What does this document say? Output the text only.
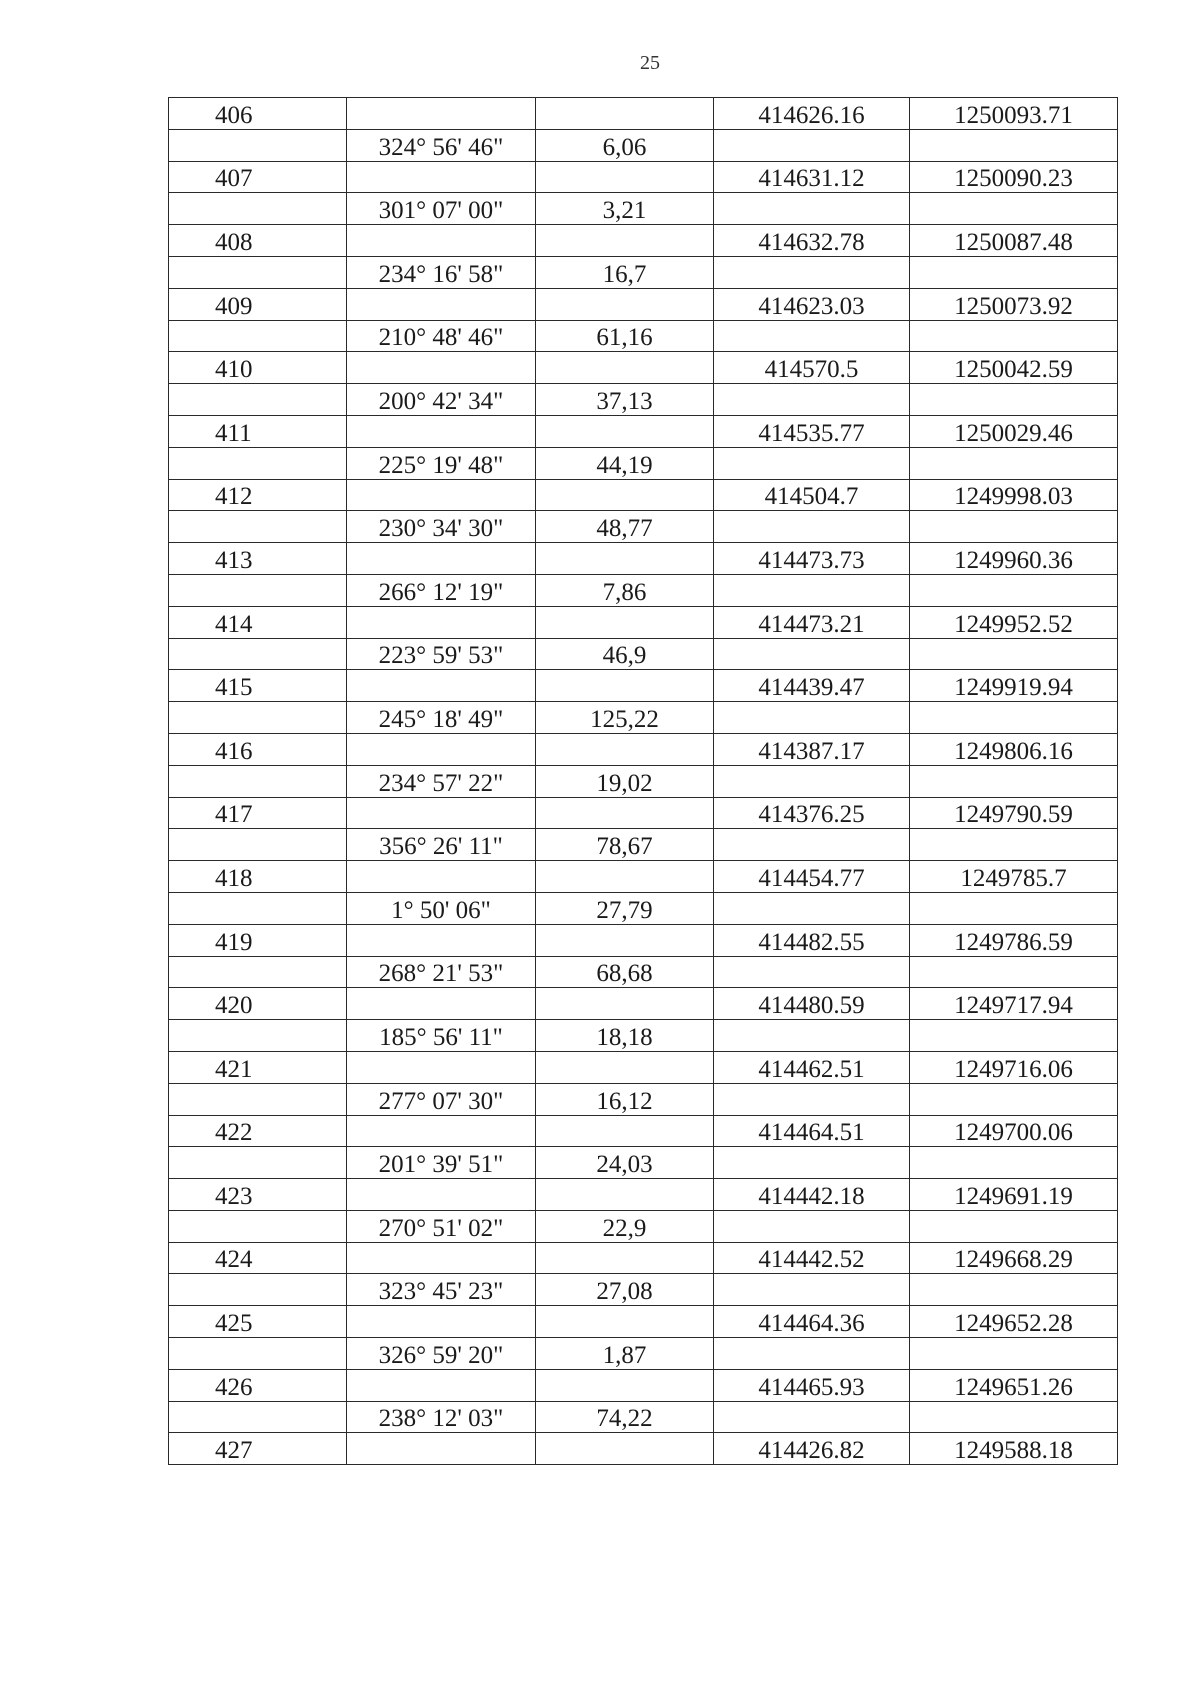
25
406			414626.16	1250093.71
	324° 56' 46"	6,06		
407			414631.12	1250090.23
	301° 07' 00"	3,21		
408			414632.78	1250087.48
	234° 16' 58"	16,7		
409			414623.03	1250073.92
	210° 48' 46"	61,16		
410			414570.5	1250042.59
	200° 42' 34"	37,13		
411			414535.77	1250029.46
	225° 19' 48"	44,19		
412			414504.7	1249998.03
	230° 34' 30"	48,77		
413			414473.73	1249960.36
	266° 12' 19"	7,86		
414			414473.21	1249952.52
	223° 59' 53"	46,9		
415			414439.47	1249919.94
	245° 18' 49"	125,22		
416			414387.17	1249806.16
	234° 57' 22"	19,02		
417			414376.25	1249790.59
	356° 26' 11"	78,67		
418			414454.77	1249785.7
	1° 50' 06"	27,79		
419			414482.55	1249786.59
	268° 21' 53"	68,68		
420			414480.59	1249717.94
	185° 56' 11"	18,18		
421			414462.51	1249716.06
	277° 07' 30"	16,12		
422			414464.51	1249700.06
	201° 39' 51"	24,03		
423			414442.18	1249691.19
	270° 51' 02"	22,9		
424			414442.52	1249668.29
	323° 45' 23"	27,08		
425			414464.36	1249652.28
	326° 59' 20"	1,87		
426			414465.93	1249651.26
	238° 12' 03"	74,22		
427			414426.82	1249588.18
